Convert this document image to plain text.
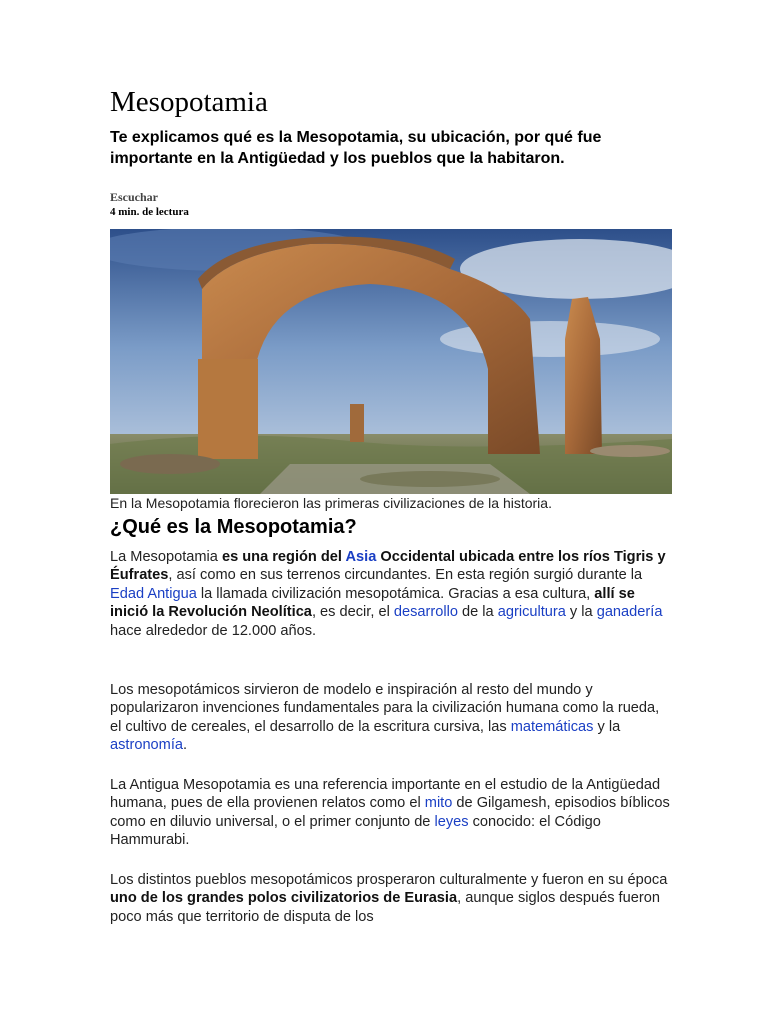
Mesopotamia

Te explicamos qué es la Mesopotamia, su ubicación, por qué fue importante en la Antigüedad y los pueblos que la habitaron.

Escuchar
4 min. de lectura
En la Mesopotamia florecieron las primeras civilizaciones de la historia.
¿Qué es la Mesopotamia?

La Mesopotamia es una región del Asia Occidental ubicada entre los ríos Tigris y Éufrates, así como en sus terrenos circundantes. En esta región surgió durante la Edad Antigua la llamada civilización mesopotámica. Gracias a esa cultura, allí se inició la Revolución Neolítica, es decir, el desarrollo de la agricultura y la ganadería hace alrededor de 12.000 años.

Los mesopotámicos sirvieron de modelo e inspiración al resto del mundo y popularizaron invenciones fundamentales para la civilización humana como la rueda, el cultivo de cereales, el desarrollo de la escritura cursiva, las matemáticas y la astronomía.

La Antigua Mesopotamia es una referencia importante en el estudio de la Antigüedad humana, pues de ella provienen relatos como el mito de Gilgamesh, episodios bíblicos como en diluvio universal, o el primer conjunto de leyes conocido: el Código Hammurabi.

Los distintos pueblos mesopotámicos prosperaron culturalmente y fueron en su época uno de los grandes polos civilizatorios de Eurasia, aunque siglos después fueron poco más que territorio de disputa de los
